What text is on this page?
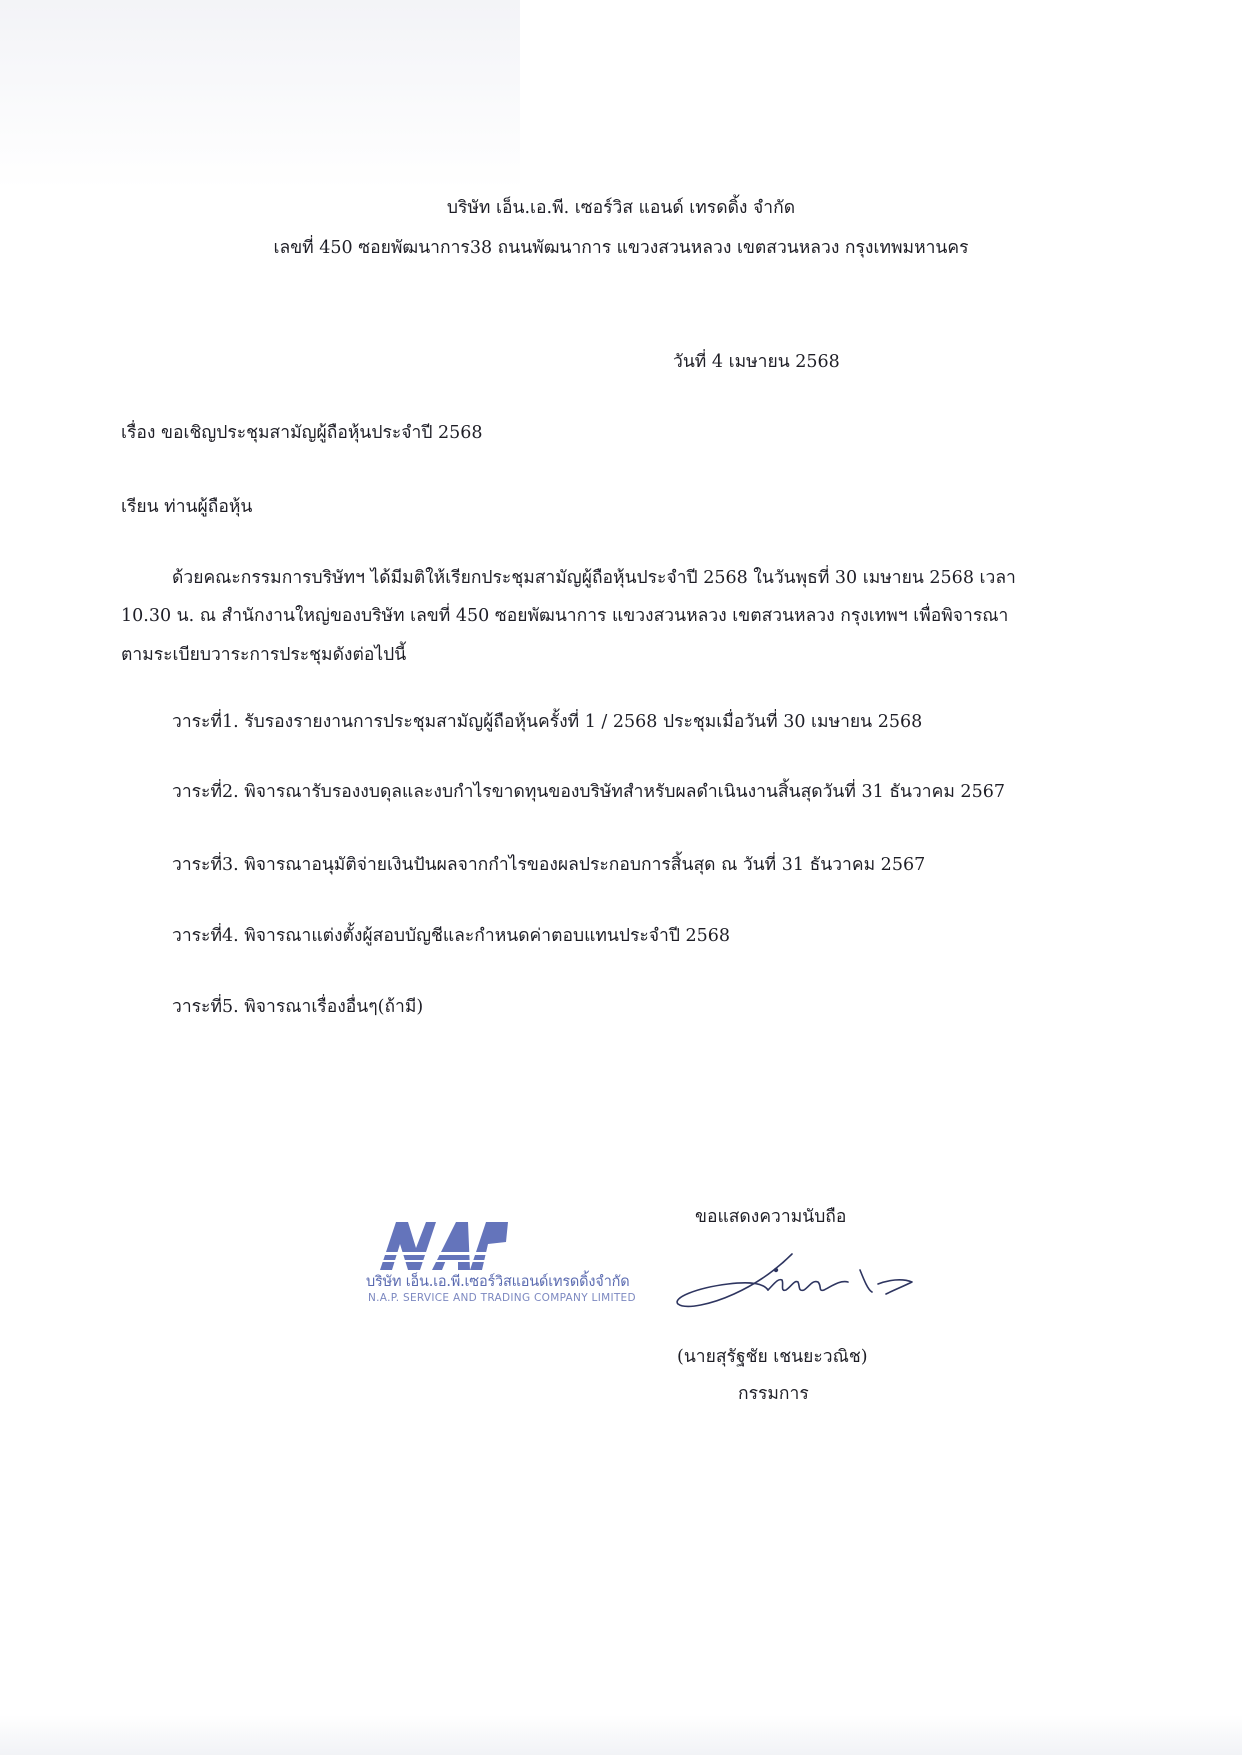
บริษัท เอ็น.เอ.พี. เซอร์วิส แอนด์ เทรดดิ้ง จำกัด
เลขที่ 450 ซอยพัฒนาการ38 ถนนพัฒนาการ แขวงสวนหลวง เขตสวนหลวง กรุงเทพมหานคร
วันที่ 4 เมษายน 2568
เรื่อง ขอเชิญประชุมสามัญผู้ถือหุ้นประจำปี 2568
เรียน ท่านผู้ถือหุ้น
ด้วยคณะกรรมการบริษัทฯ ได้มีมติให้เรียกประชุมสามัญผู้ถือหุ้นประจำปี 2568 ในวันพุธที่ 30 เมษายน 2568 เวลา
10.30 น. ณ สำนักงานใหญ่ของบริษัท เลขที่ 450 ซอยพัฒนาการ แขวงสวนหลวง เขตสวนหลวง กรุงเทพฯ เพื่อพิจารณา
ตามระเบียบวาระการประชุมดังต่อไปนี้
วาระที่1. รับรองรายงานการประชุมสามัญผู้ถือหุ้นครั้งที่ 1 / 2568 ประชุมเมื่อวันที่ 30 เมษายน 2568
วาระที่2. พิจารณารับรองงบดุลและงบกำไรขาดทุนของบริษัทสำหรับผลดำเนินงานสิ้นสุดวันที่ 31 ธันวาคม 2567
วาระที่3. พิจารณาอนุมัติจ่ายเงินปันผลจากกำไรของผลประกอบการสิ้นสุด ณ วันที่ 31 ธันวาคม 2567
วาระที่4. พิจารณาแต่งตั้งผู้สอบบัญชีและกำหนดค่าตอบแทนประจำปี 2568
วาระที่5. พิจารณาเรื่องอื่นๆ(ถ้ามี)
ขอแสดงความนับถือ
บริษัท เอ็น.เอ.พี.เซอร์วิสแอนด์เทรดดิ้งจำกัด
N.A.P. SERVICE AND TRADING COMPANY LIMITED
(นายสุรัฐชัย เชนยะวณิช)
กรรมการ
